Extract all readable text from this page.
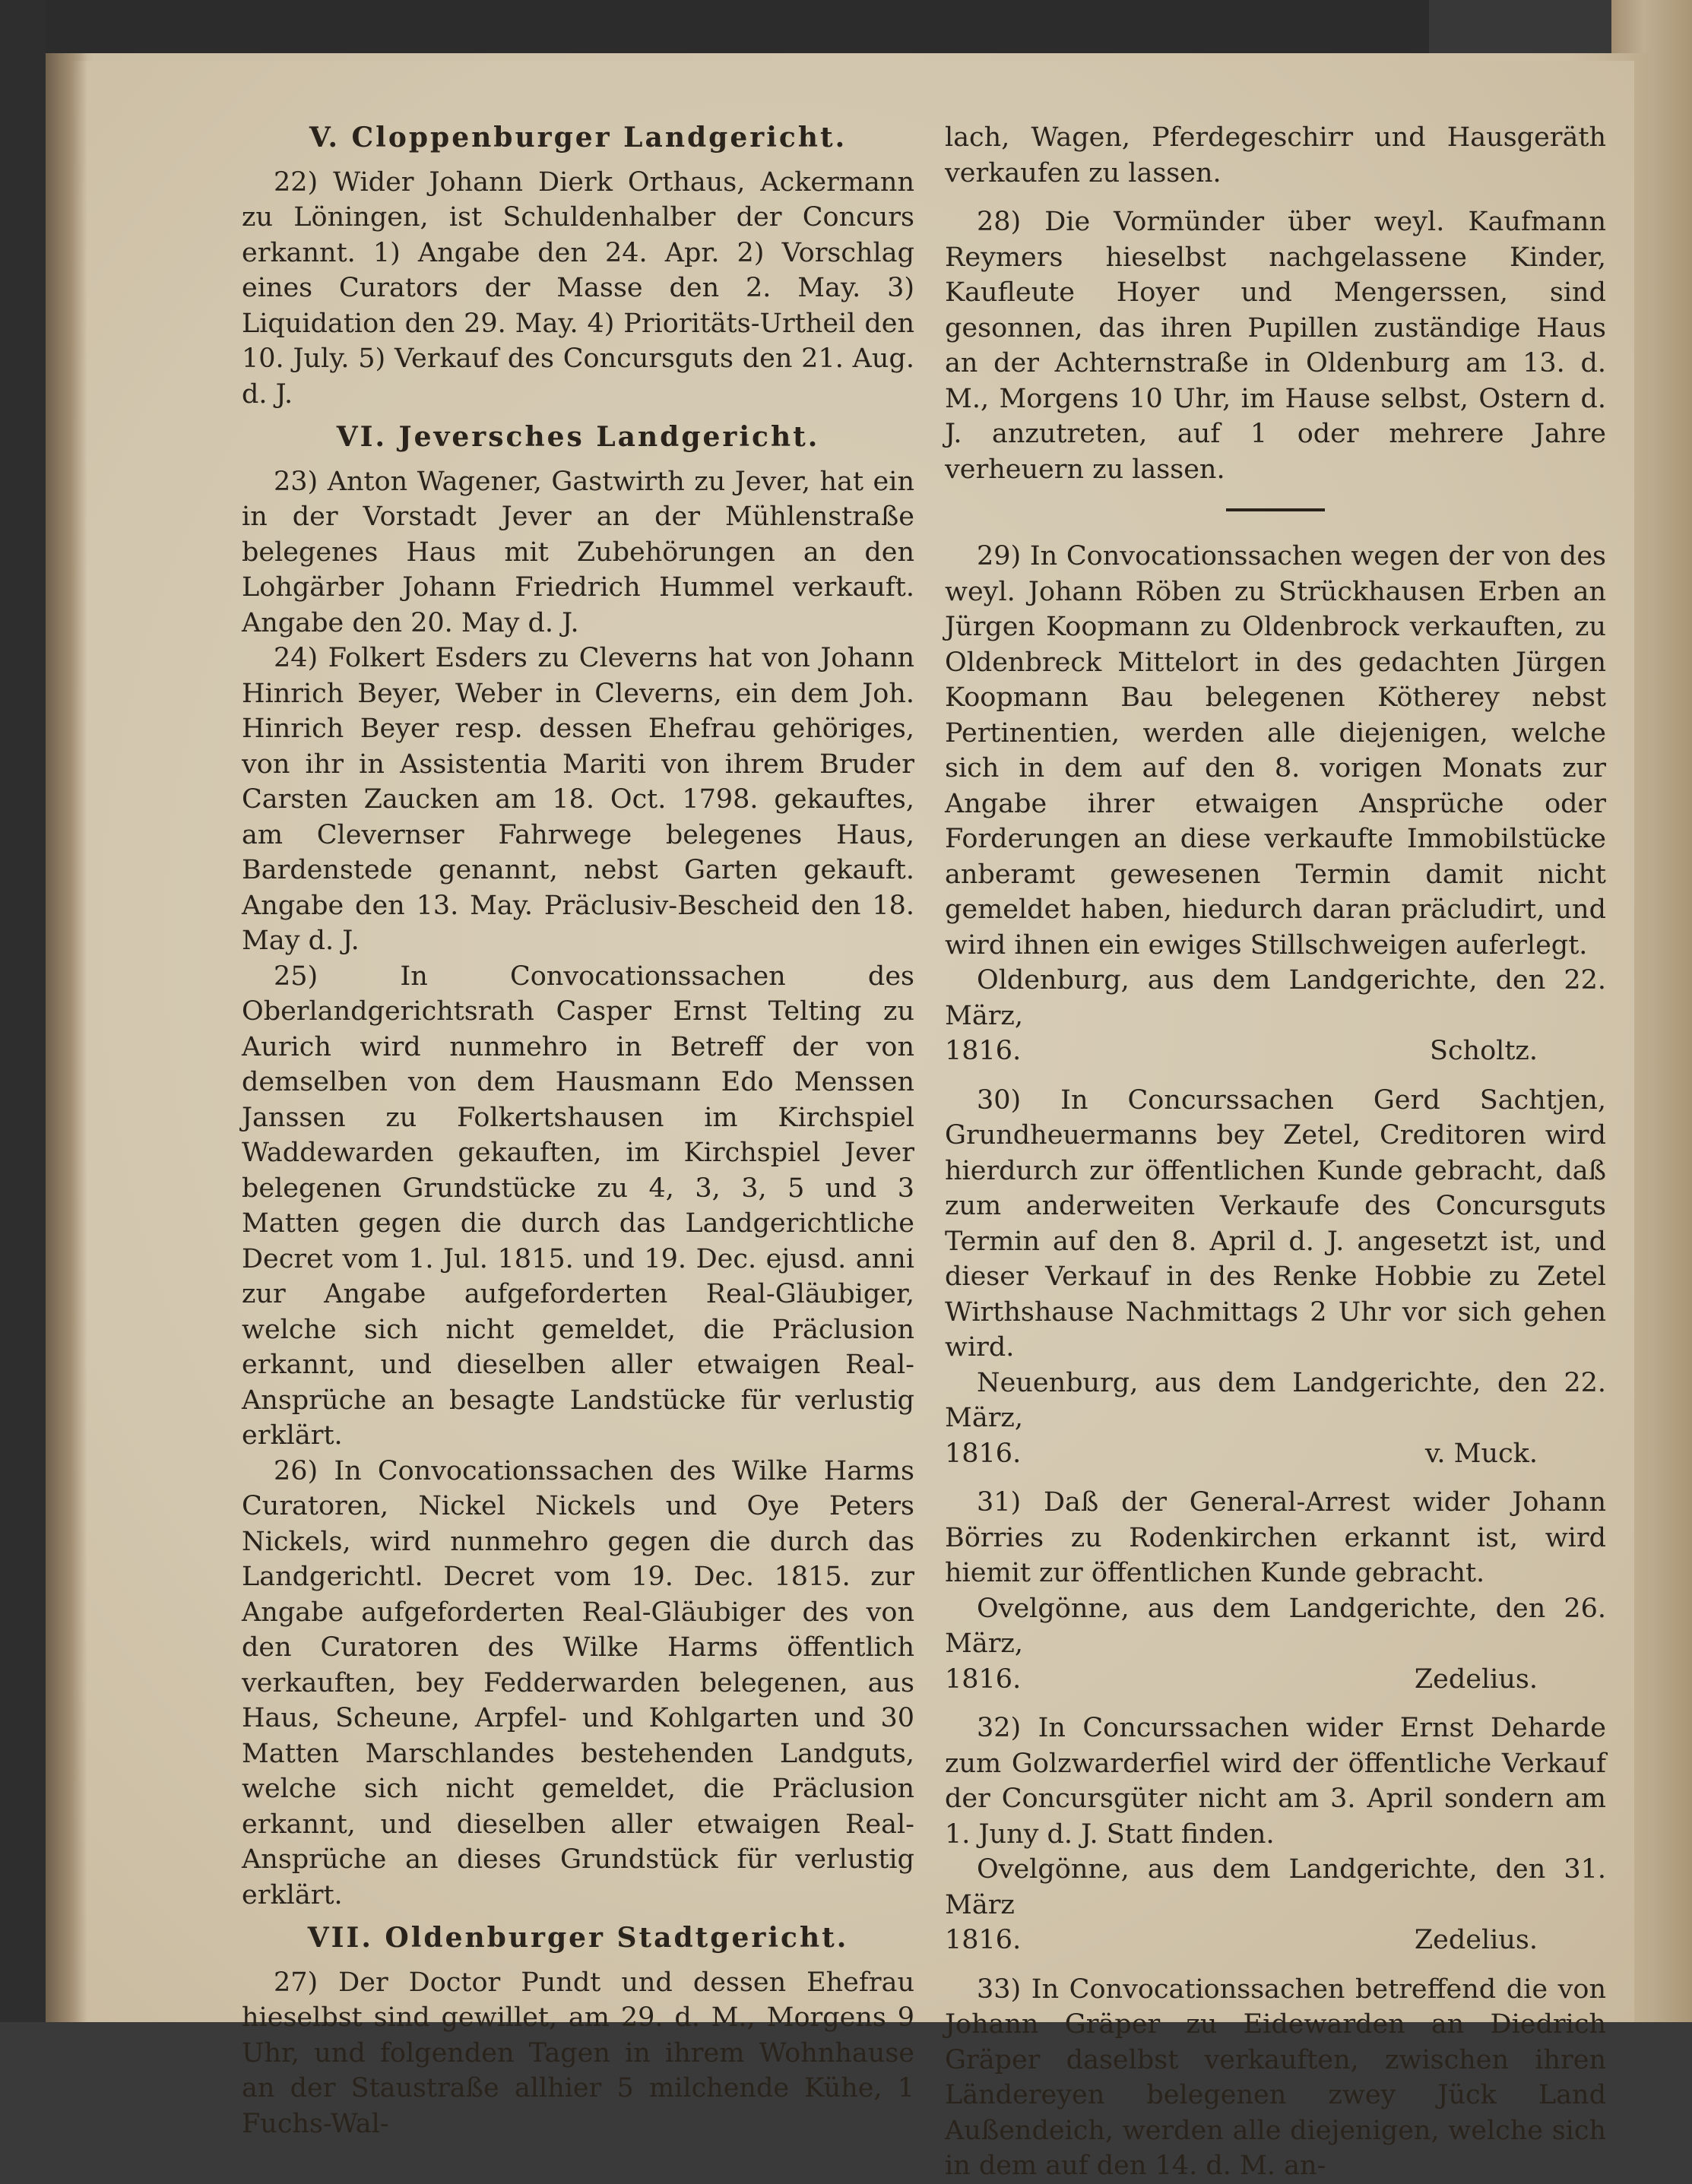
V. Cloppenburger Landgericht.

22) Wider Johann Dierk Orthaus, Ackermann zu Löningen, ist Schuldenhalber der Concurs erkannt. 1) Angabe den 24. Apr. 2) Vorschlag eines Curators der Masse den 2. May. 3) Liquidation den 29. May. 4) Prioritäts-Urtheil den 10. July. 5) Verkauf des Concursguts den 21. Aug. d. J.

VI. Jeversches Landgericht.

23) Anton Wagener, Gastwirth zu Jever, hat ein in der Vorstadt Jever an der Mühlenstraße belegenes Haus mit Zubehörungen an den Lohgärber Johann Friedrich Hummel verkauft. Angabe den 20. May d. J.

24) Folkert Esders zu Cleverns hat von Johann Hinrich Beyer, Weber in Cleverns, ein dem Joh. Hinrich Beyer resp. dessen Ehefrau gehöriges, von ihr in Assistentia Mariti von ihrem Bruder Carsten Zaucken am 18. Oct. 1798. gekauftes, am Clevernser Fahrwege belegenes Haus, Bardenstede genannt, nebst Garten gekauft. Angabe den 13. May. Präclusiv-Bescheid den 18. May d. J.

25) In Convocationssachen des Oberlandgerichtsrath Casper Ernst Telting zu Aurich wird nunmehro in Betreff der von demselben von dem Hausmann Edo Menssen Janssen zu Folkertshausen im Kirchspiel Waddewarden gekauften, im Kirchspiel Jever belegenen Grundstücke zu 4, 3, 3, 5 und 3 Matten gegen die durch das Landgerichtliche Decret vom 1. Jul. 1815. und 19. Dec. ejusd. anni zur Angabe aufgeforderten Real-Gläubiger, welche sich nicht gemeldet, die Präclusion erkannt, und dieselben aller etwaigen Real-Ansprüche an besagte Landstücke für verlustig erklärt.

26) In Convocationssachen des Wilke Harms Curatoren, Nickel Nickels und Oye Peters Nickels, wird nunmehro gegen die durch das Landgerichtl. Decret vom 19. Dec. 1815. zur Angabe aufgeforderten Real-Gläubiger des von den Curatoren des Wilke Harms öffentlich verkauften, bey Fedderwarden belegenen, aus Haus, Scheune, Arpfel- und Kohlgarten und 30 Matten Marschlandes bestehenden Landguts, welche sich nicht gemeldet, die Präclusion erkannt, und dieselben aller etwaigen Real-Ansprüche an dieses Grundstück für verlustig erklärt.

VII. Oldenburger Stadtgericht.

27) Der Doctor Pundt und dessen Ehefrau hieselbst sind gewillet, am 29. d. M., Morgens 9 Uhr, und folgenden Tagen in ihrem Wohnhause an der Staustraße allhier 5 milchende Kühe, 1 Fuchs-Wal-

lach, Wagen, Pferdegeschirr und Hausgeräth verkaufen zu lassen.

28) Die Vormünder über weyl. Kaufmann Reymers hieselbst nachgelassene Kinder, Kaufleute Hoyer und Mengerssen, sind gesonnen, das ihren Pupillen zuständige Haus an der Achternstraße in Oldenburg am 13. d. M., Morgens 10 Uhr, im Hause selbst, Ostern d. J. anzutreten, auf 1 oder mehrere Jahre verheuern zu lassen.

29) In Convocationssachen wegen der von des weyl. Johann Röben zu Strückhausen Erben an Jürgen Koopmann zu Oldenbrock verkauften, zu Oldenbreck Mittelort in des gedachten Jürgen Koopmann Bau belegenen Kötherey nebst Pertinentien, werden alle diejenigen, welche sich in dem auf den 8. vorigen Monats zur Angabe ihrer etwaigen Ansprüche oder Forderungen an diese verkaufte Immobilstücke anberamt gewesenen Termin damit nicht gemeldet haben, hiedurch daran präcludirt, und wird ihnen ein ewiges Stillschweigen auferlegt.

Oldenburg, aus dem Landgerichte, den 22. März,

1816.	Scholtz.

30) In Concurssachen Gerd Sachtjen, Grundheuermanns bey Zetel, Creditoren wird hierdurch zur öffentlichen Kunde gebracht, daß zum anderweiten Verkaufe des Concursguts Termin auf den 8. April d. J. angesetzt ist, und dieser Verkauf in des Renke Hobbie zu Zetel Wirthshause Nachmittags 2 Uhr vor sich gehen wird.

Neuenburg, aus dem Landgerichte, den 22. März,

1816.	v. Muck.

31) Daß der General-Arrest wider Johann Börries zu Rodenkirchen erkannt ist, wird hiemit zur öffentlichen Kunde gebracht.

Ovelgönne, aus dem Landgerichte, den 26. März,

1816.	Zedelius.

32) In Concurssachen wider Ernst Deharde zum Golzwarderfiel wird der öffentliche Verkauf der Concursgüter nicht am 3. April sondern am 1. Juny d. J. Statt finden.

Ovelgönne, aus dem Landgerichte, den 31. März

1816.	Zedelius.

33) In Convocationssachen betreffend die von Johann Gräper zu Eidewarden an Diedrich Gräper daselbst verkauften, zwischen ihren Ländereyen belegenen zwey Jück Land Außendeich, werden alle diejenigen, welche sich in dem auf den 14. d. M. an-
